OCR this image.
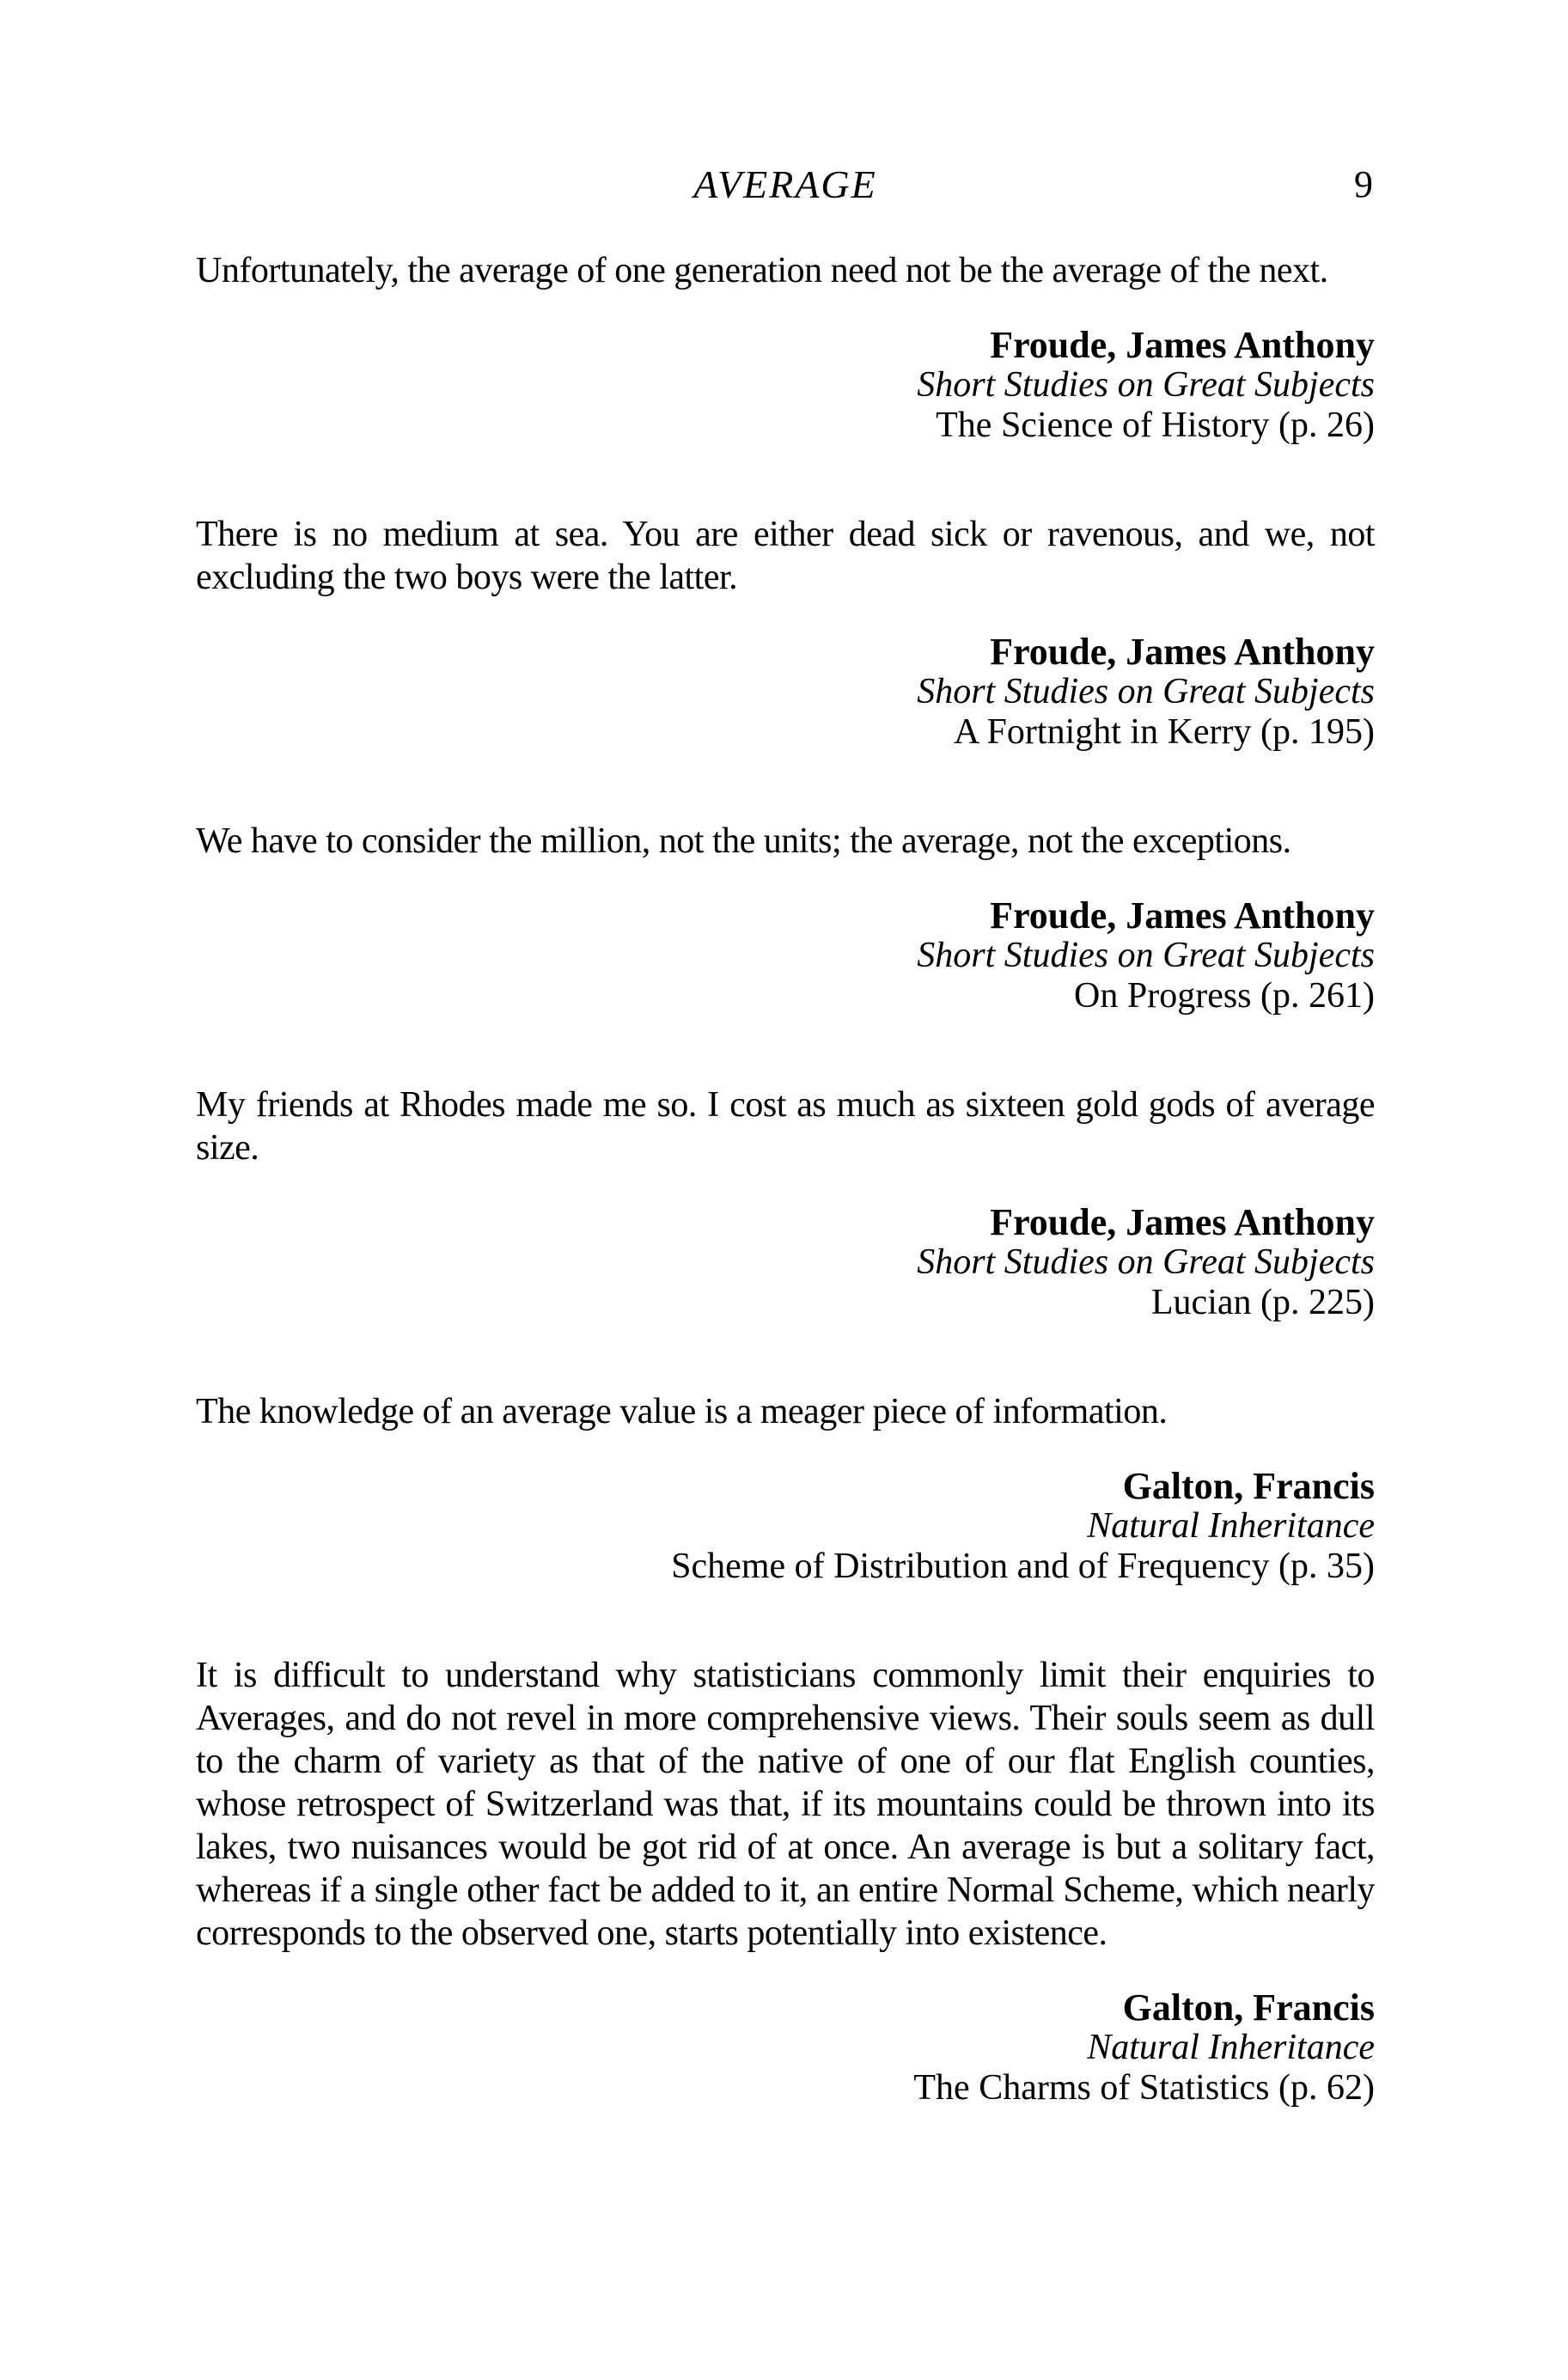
AVERAGE	9
Unfortunately, the average of one generation need not be the average of the next.
Froude, James Anthony
Short Studies on Great Subjects
The Science of History (p. 26)
There is no medium at sea. You are either dead sick or ravenous, and we, not excluding the two boys were the latter.
Froude, James Anthony
Short Studies on Great Subjects
A Fortnight in Kerry (p. 195)
We have to consider the million, not the units; the average, not the exceptions.
Froude, James Anthony
Short Studies on Great Subjects
On Progress (p. 261)
My friends at Rhodes made me so. I cost as much as sixteen gold gods of average size.
Froude, James Anthony
Short Studies on Great Subjects
Lucian (p. 225)
The knowledge of an average value is a meager piece of information.
Galton, Francis
Natural Inheritance
Scheme of Distribution and of Frequency (p. 35)
It is difficult to understand why statisticians commonly limit their enquiries to Averages, and do not revel in more comprehensive views. Their souls seem as dull to the charm of variety as that of the native of one of our flat English counties, whose retrospect of Switzerland was that, if its mountains could be thrown into its lakes, two nuisances would be got rid of at once. An average is but a solitary fact, whereas if a single other fact be added to it, an entire Normal Scheme, which nearly corresponds to the observed one, starts potentially into existence.
Galton, Francis
Natural Inheritance
The Charms of Statistics (p. 62)
